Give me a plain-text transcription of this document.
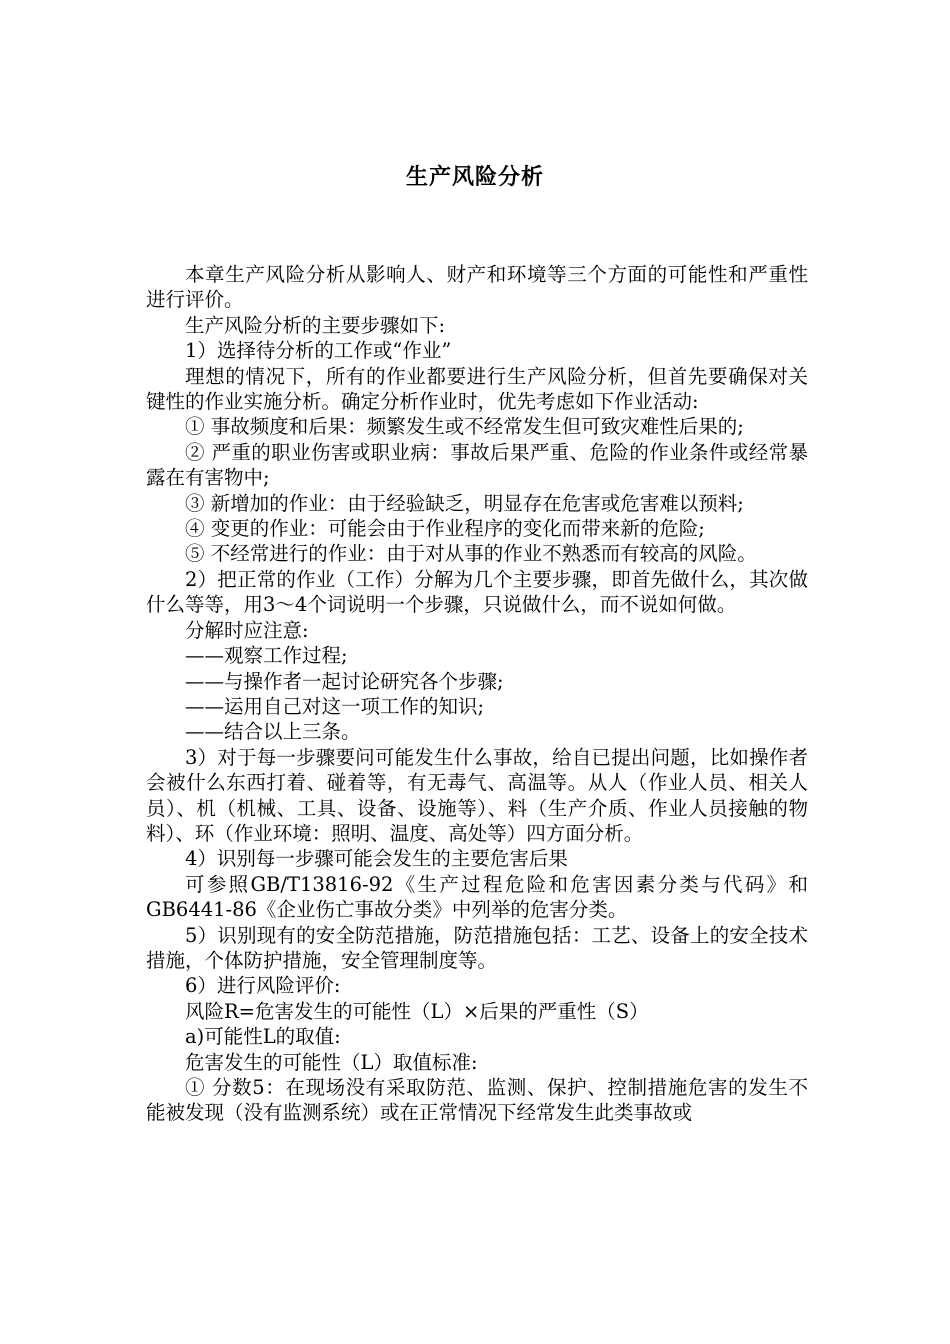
生产风险分析

本章生产风险分析从影响人、财产和环境等三个方面的可能性和严重性进行评价。

生产风险分析的主要步骤如下:

1）选择待分析的工作或“作业”

理想的情况下，所有的作业都要进行生产风险分析，但首先要确保对关键性的作业实施分析。确定分析作业时，优先考虑如下作业活动:

① 事故频度和后果：频繁发生或不经常发生但可致灾难性后果的;

② 严重的职业伤害或职业病：事故后果严重、危险的作业条件或经常暴露在有害物中;

③ 新增加的作业：由于经验缺乏，明显存在危害或危害难以预料;

④ 变更的作业：可能会由于作业程序的变化而带来新的危险;

⑤ 不经常进行的作业：由于对从事的作业不熟悉而有较高的风险。

2）把正常的作业（工作）分解为几个主要步骤，即首先做什么，其次做什么等等，用3～4个词说明一个步骤，只说做什么，而不说如何做。

分解时应注意:

——观察工作过程;

——与操作者一起讨论研究各个步骤;

——运用自己对这一项工作的知识;

——结合以上三条。

3）对于每一步骤要问可能发生什么事故，给自已提出问题，比如操作者会被什么东西打着、碰着等，有无毒气、高温等。从人（作业人员、相关人员）、机（机械、工具、设备、设施等）、料（生产介质、作业人员接触的物料）、环（作业环境：照明、温度、高处等）四方面分析。

4）识别每一步骤可能会发生的主要危害后果

可参照GB/T13816-92《生产过程危险和危害因素分类与代码》和GB6441-86《企业伤亡事故分类》中列举的危害分类。

5）识别现有的安全防范措施，防范措施包括：工艺、设备上的安全技术措施，个体防护措施，安全管理制度等。

6）进行风险评价:

风险R=危害发生的可能性（L）×后果的严重性（S）

a)可能性L的取值:

危害发生的可能性（L）取值标准:

① 分数5：在现场没有采取防范、监测、保护、控制措施危害的发生不能被发现（没有监测系统）或在正常情况下经常发生此类事故或
